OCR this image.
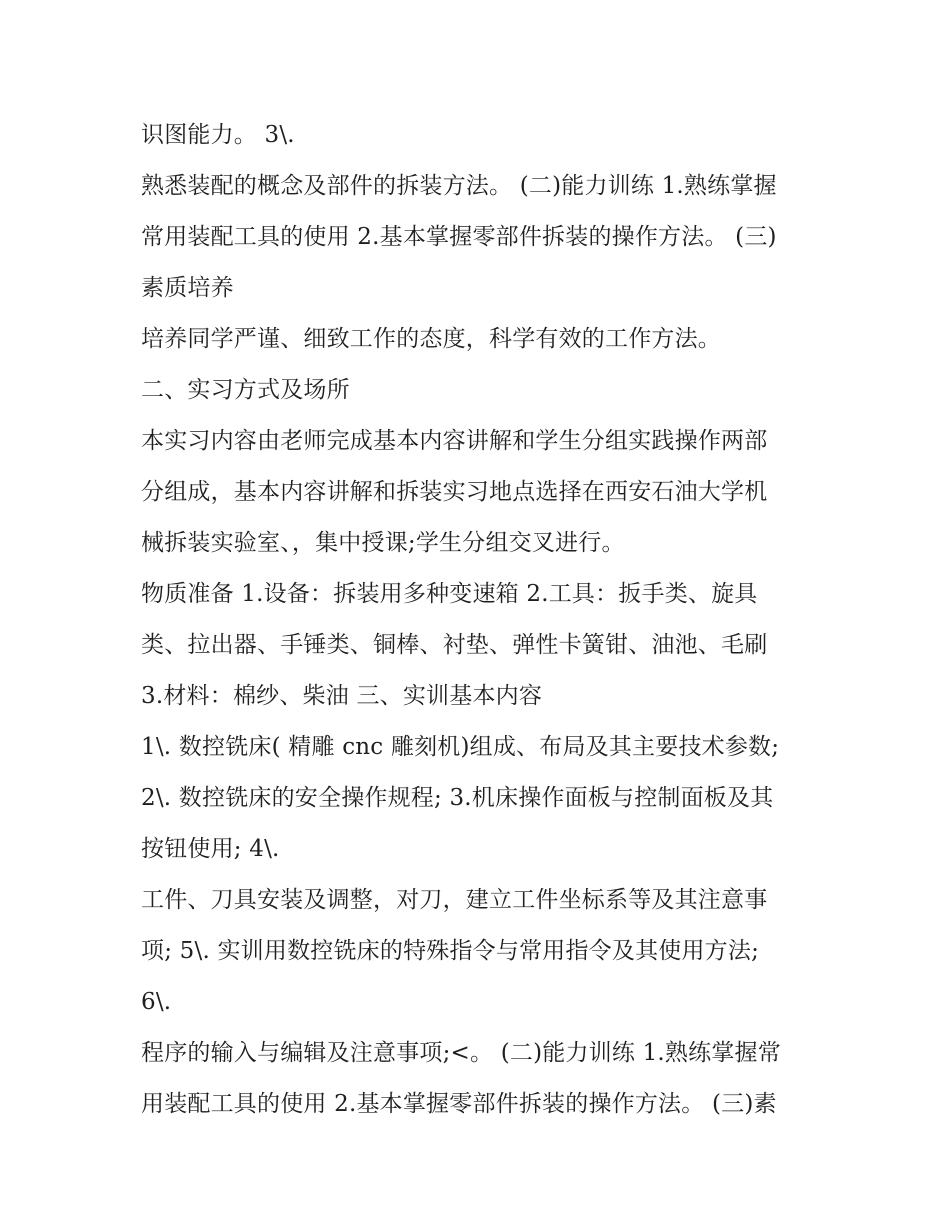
识图能力。 3\.
熟悉装配的概念及部件的拆装方法。 (二)能力训练 1.熟练掌握
常用装配工具的使用 2.基本掌握零部件拆装的操作方法。 (三)
素质培养
培养同学严谨、细致工作的态度，科学有效的工作方法。
二、实习方式及场所
本实习内容由老师完成基本内容讲解和学生分组实践操作两部
分组成，基本内容讲解和拆装实习地点选择在西安石油大学机
械拆装实验室、，集中授课;学生分组交叉进行。
物质准备 1.设备：拆装用多种变速箱 2.工具：扳手类、旋具
类、拉出器、手锤类、铜棒、衬垫、弹性卡簧钳、油池、毛刷
3.材料：棉纱、柴油 三、实训基本内容
1\. 数控铣床( 精雕 cnc 雕刻机)组成、布局及其主要技术参数;
2\. 数控铣床的安全操作规程; 3.机床操作面板与控制面板及其
按钮使用; 4\.
工件、刀具安装及调整，对刀，建立工件坐标系等及其注意事
项; 5\. 实训用数控铣床的特殊指令与常用指令及其使用方法;
6\.
程序的输入与编辑及注意事项;<。 (二)能力训练 1.熟练掌握常
用装配工具的使用 2.基本掌握零部件拆装的操作方法。 (三)素
